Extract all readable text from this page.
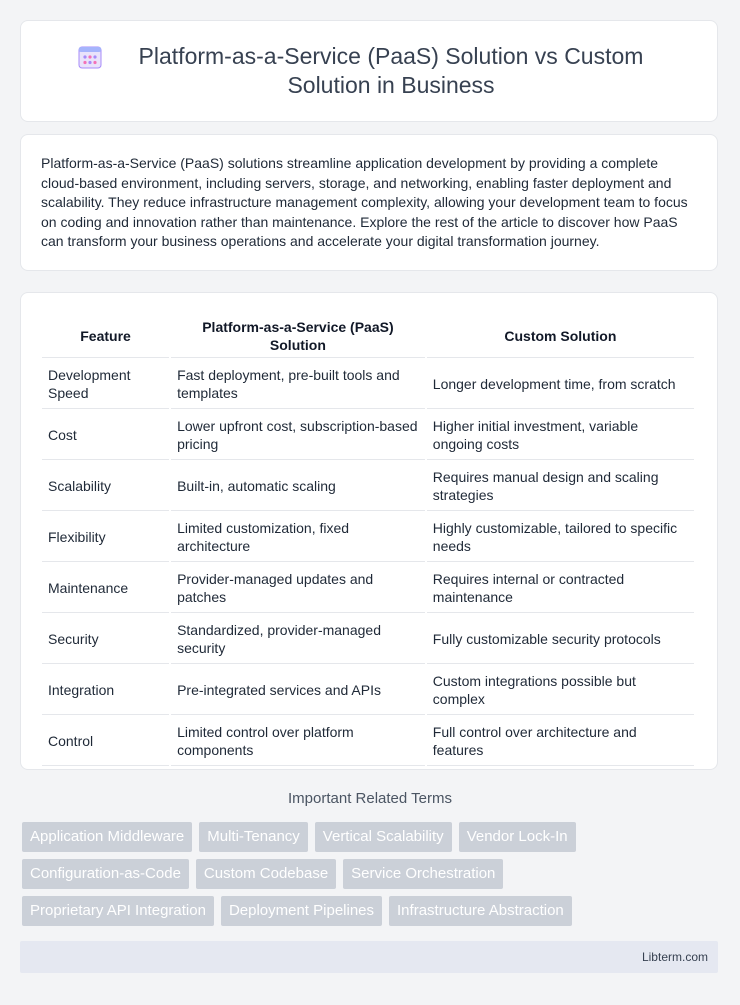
Platform-as-a-Service (PaaS) Solution vs Custom Solution in Business

Platform-as-a-Service (PaaS) solutions streamline application development by providing a complete cloud-based environment, including servers, storage, and networking, enabling faster deployment and scalability. They reduce infrastructure management complexity, allowing your development team to focus on coding and innovation rather than maintenance. Explore the rest of the article to discover how PaaS can transform your business operations and accelerate your digital transformation journey.

Feature	Platform-as-a-Service (PaaS) Solution	Custom Solution
Development Speed	Fast deployment, pre-built tools and templates	Longer development time, from scratch
Cost	Lower upfront cost, subscription-based pricing	Higher initial investment, variable ongoing costs
Scalability	Built-in, automatic scaling	Requires manual design and scaling strategies
Flexibility	Limited customization, fixed architecture	Highly customizable, tailored to specific needs
Maintenance	Provider-managed updates and patches	Requires internal or contracted maintenance
Security	Standardized, provider-managed security	Fully customizable security protocols
Integration	Pre-integrated services and APIs	Custom integrations possible but complex
Control	Limited control over platform components	Full control over architecture and features
Important Related Terms
Application Middleware	Multi-Tenancy	Vertical Scalability	Vendor Lock-In
Configuration-as-Code	Custom Codebase	Service Orchestration
Proprietary API Integration	Deployment Pipelines	Infrastructure Abstraction
Libterm.com
